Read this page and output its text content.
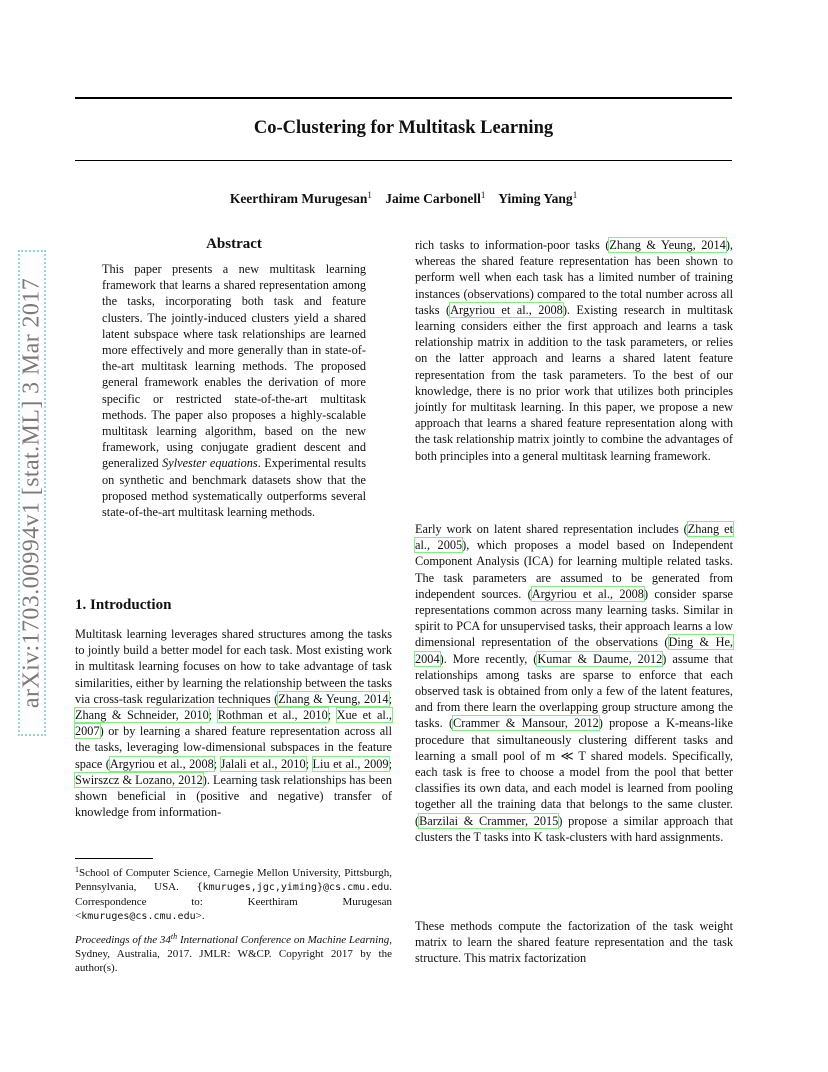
Co-Clustering for Multitask Learning
Keerthiram Murugesan$^1$ Jaime Carbonell$^1$ Yiming Yang$^1$
arXiv:1703.00994v1 [stat.ML] 3 Mar 2017
Abstract
This paper presents a new multitask learning framework that learns a shared representation among the tasks, incorporating both task and feature clusters. The jointly-induced clusters yield a shared latent subspace where task relationships are learned more effectively and more generally than in state-of-the-art multitask learning methods. The proposed general framework enables the derivation of more specific or restricted state-of-the-art multitask methods. The paper also proposes a highly-scalable multitask learning algorithm, based on the new framework, using conjugate gradient descent and generalized Sylvester equations. Experimental results on synthetic and benchmark datasets show that the proposed method systematically outperforms several state-of-the-art multitask learning methods.
1. Introduction
Multitask learning leverages shared structures among the tasks to jointly build a better model for each task. Most existing work in multitask learning focuses on how to take advantage of task similarities, either by learning the relationship between the tasks via cross-task regularization techniques (Zhang & Yeung, 2014; Zhang & Schneider, 2010; Rothman et al., 2010; Xue et al., 2007) or by learning a shared feature representation across all the tasks, leveraging low-dimensional subspaces in the feature space (Argyriou et al., 2008; Jalali et al., 2010; Liu et al., 2009; Swirszcz & Lozano, 2012). Learning task relationships has been shown beneficial in (positive and negative) transfer of knowledge from information-
$^1$School of Computer Science, Carnegie Mellon University, Pittsburgh, Pennsylvania, USA. {kmuruges,jgc,yiming}@cs.cmu.edu. Correspondence to: Keerthiram Murugesan <kmuruges@cs.cmu.edu>.
Proceedings of the 34th International Conference on Machine Learning, Sydney, Australia, 2017. JMLR: W&CP. Copyright 2017 by the author(s).
rich tasks to information-poor tasks (Zhang & Yeung, 2014), whereas the shared feature representation has been shown to perform well when each task has a limited number of training instances (observations) compared to the total number across all tasks (Argyriou et al., 2008). Existing research in multitask learning considers either the first approach and learns a task relationship matrix in addition to the task parameters, or relies on the latter approach and learns a shared latent feature representation from the task parameters. To the best of our knowledge, there is no prior work that utilizes both principles jointly for multitask learning. In this paper, we propose a new approach that learns a shared feature representation along with the task relationship matrix jointly to combine the advantages of both principles into a general multitask learning framework.
Early work on latent shared representation includes (Zhang et al., 2005), which proposes a model based on Independent Component Analysis (ICA) for learning multiple related tasks. The task parameters are assumed to be generated from independent sources. (Argyriou et al., 2008) consider sparse representations common across many learning tasks. Similar in spirit to PCA for unsupervised tasks, their approach learns a low dimensional representation of the observations (Ding & He, 2004). More recently, (Kumar & Daume, 2012) assume that relationships among tasks are sparse to enforce that each observed task is obtained from only a few of the latent features, and from there learn the overlapping group structure among the tasks. (Crammer & Mansour, 2012) propose a K-means-like procedure that simultaneously clustering different tasks and learning a small pool of m ≪ T shared models. Specifically, each task is free to choose a model from the pool that better classifies its own data, and each model is learned from pooling together all the training data that belongs to the same cluster. (Barzilai & Crammer, 2015) propose a similar approach that clusters the T tasks into K task-clusters with hard assignments.
These methods compute the factorization of the task weight matrix to learn the shared feature representation and the task structure. This matrix factorization
